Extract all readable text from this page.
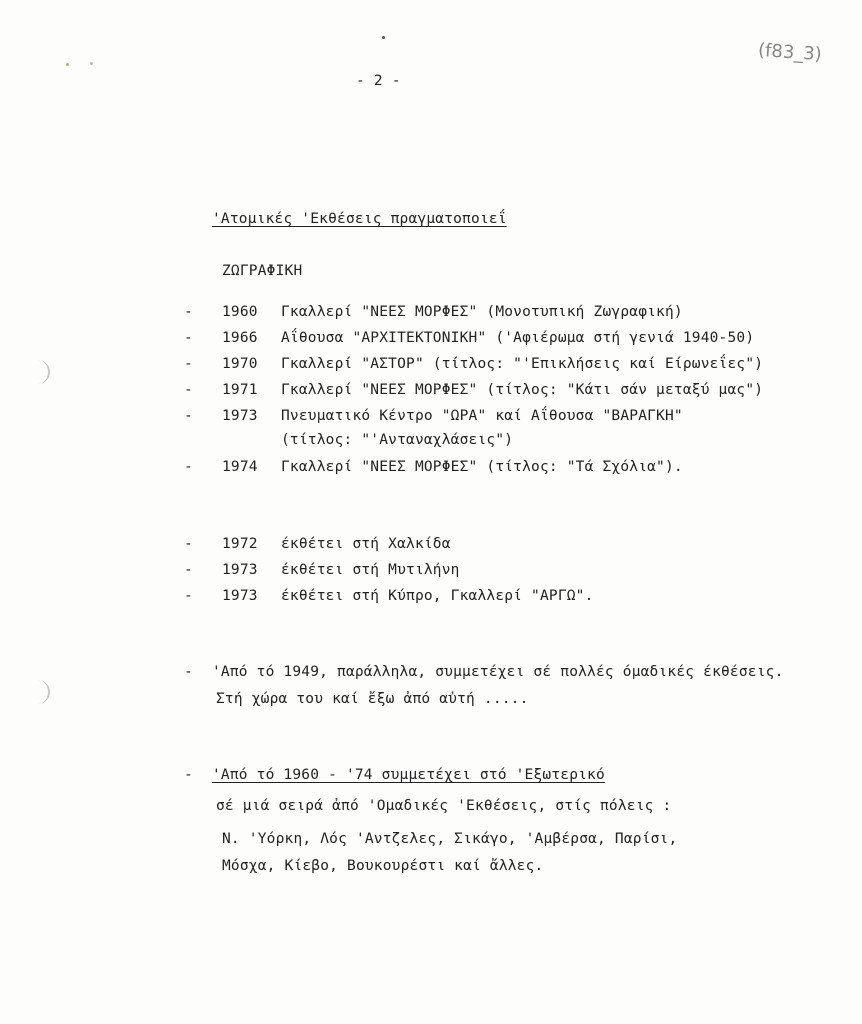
- 2 -
(f83_3)
'Ατομικές 'Εκθέσεις πραγματοποιεΐ
ΖΩΓΡΑΦΙΚΗ
- 1960 Γκαλλερί "ΝΕΕΣ ΜΟΡΦΕΣ" (Μονοτυπική Ζωγραφική)
- 1966 Αΐθουσα "ΑΡΧΙΤΕΚΤΟΝΙΚΗ" ('Αφιέρωμα στή γενιά 1940-50)
- 1970 Γκαλλερί "ΑΣΤΟΡ" (τίτλος: "'Επικλήσεις καί Είρωνεΐες")
- 1971 Γκαλλερί "ΝΕΕΣ ΜΟΡΦΕΣ" (τίτλος: "Κάτι σάν μεταξύ μας")
- 1973 Πνευματικό Κέντρο "ΩΡΑ" καί Αΐθουσα "ΒΑΡΑΓΚΗ"
(τίτλος: "'Ανταναχλάσεις")
- 1974 Γκαλλερί "ΝΕΕΣ ΜΟΡΦΕΣ" (τίτλος: "Τά Σχόλια").
- 1972 έκθέτει στή Χαλκίδα
- 1973 έκθέτει στή Μυτιλήνη
- 1973 έκθέτει στή Κύπρο, Γκαλλερί "ΑΡΓΩ".
- 'Από τό 1949, παράλληλα, συμμετέχει σέ πολλές όμαδικές έκθέσεις.
Στή χώρα του καί ἔξω ἀπό αὐτή .....
- 'Από τό 1960 - '74 συμμετέχει στό 'Εξωτερικό
σέ μιά σειρά ἀπό 'Ομαδικές 'Εκθέσεις, στίς πόλεις :
Ν. 'Υόρκη, Λός 'Αντζελες, Σικάγο, 'Αμβέρσα, Παρίσι,
Μόσχα, Κίεβο, Βουκουρέστι καί ἄλλες.
